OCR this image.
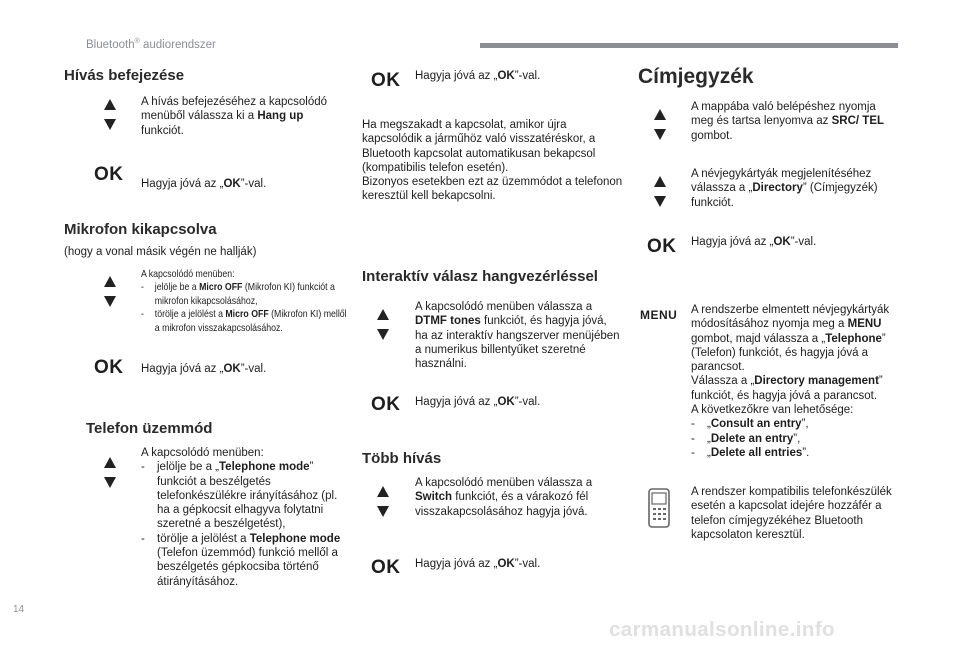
Bluetooth® audiorendszer
Hívás befejezése
A hívás befejezéséhez a kapcsolódó menüből válassza ki a Hang up funkciót.
OK Hagyja jóvá az „OK”-val.
Mikrofon kikapcsolva
(hogy a vonal másik végén ne hallják)
A kapcsolódó menüben:
-	jelölje be a Micro OFF (Mikrofon KI) funkciót a mikrofon kikapcsolásához,
-	törölje a jelölést a Micro OFF (Mikrofon KI) mellől a mikrofon visszakapcsolásához.
OK Hagyja jóvá az „OK”-val.
Telefon üzemmód
A kapcsolódó menüben:
-	jelölje be a „Telephone mode” funkciót a beszélgetés telefonkészülékre irányításához (pl. ha a gépkocsit elhagyva folytatni szeretné a beszélgetést),
-	törölje a jelölést a Telephone mode (Telefon üzemmód) funkció mellől a beszélgetés gépkocsiba történő átirányításához.
OK Hagyja jóvá az „OK”-val.
Ha megszakadt a kapcsolat, amikor újra kapcsolódik a járműhöz való visszatéréskor, a Bluetooth kapcsolat automatikusan bekapcsol (kompatibilis telefon esetén).
Bizonyos esetekben ezt az üzemmódot a telefonon keresztül kell bekapcsolni.
Interaktív válasz hangvezérléssel
A kapcsolódó menüben válassza a DTMF tones funkciót, és hagyja jóvá, ha az interaktív hangszerver menüjében a numerikus billentyűket szeretné használni.
OK Hagyja jóvá az „OK”-val.
Több hívás
A kapcsolódó menüben válassza a Switch funkciót, és a várakozó fél visszakapcsolásához hagyja jóvá.
OK Hagyja jóvá az „OK”-val.
Címjegyzék
A mappába való belépéshez nyomja meg és tartsa lenyomva az SRC/ TEL gombot.
A névjegykártyák megjelenítéséhez válassza a „Directory” (Címjegyzék) funkciót.
OK Hagyja jóvá az „OK”-val.
MENU A rendszerbe elmentett névjegykártyák módosításához nyomja meg a MENU gombot, majd válassza a „Telephone” (Telefon) funkciót, és hagyja jóvá a parancsot.
Válassza a „Directory management” funkciót, és hagyja jóvá a parancsot.
A következőkre van lehetősége:
-	„Consult an entry”,
-	„Delete an entry”,
-	„Delete all entries”.
A rendszer kompatibilis telefonkészülék esetén a kapcsolat idejére hozzáfér a telefon címjegyzékéhez Bluetooth kapcsolaton keresztül.
14
carmanualsonline.info
